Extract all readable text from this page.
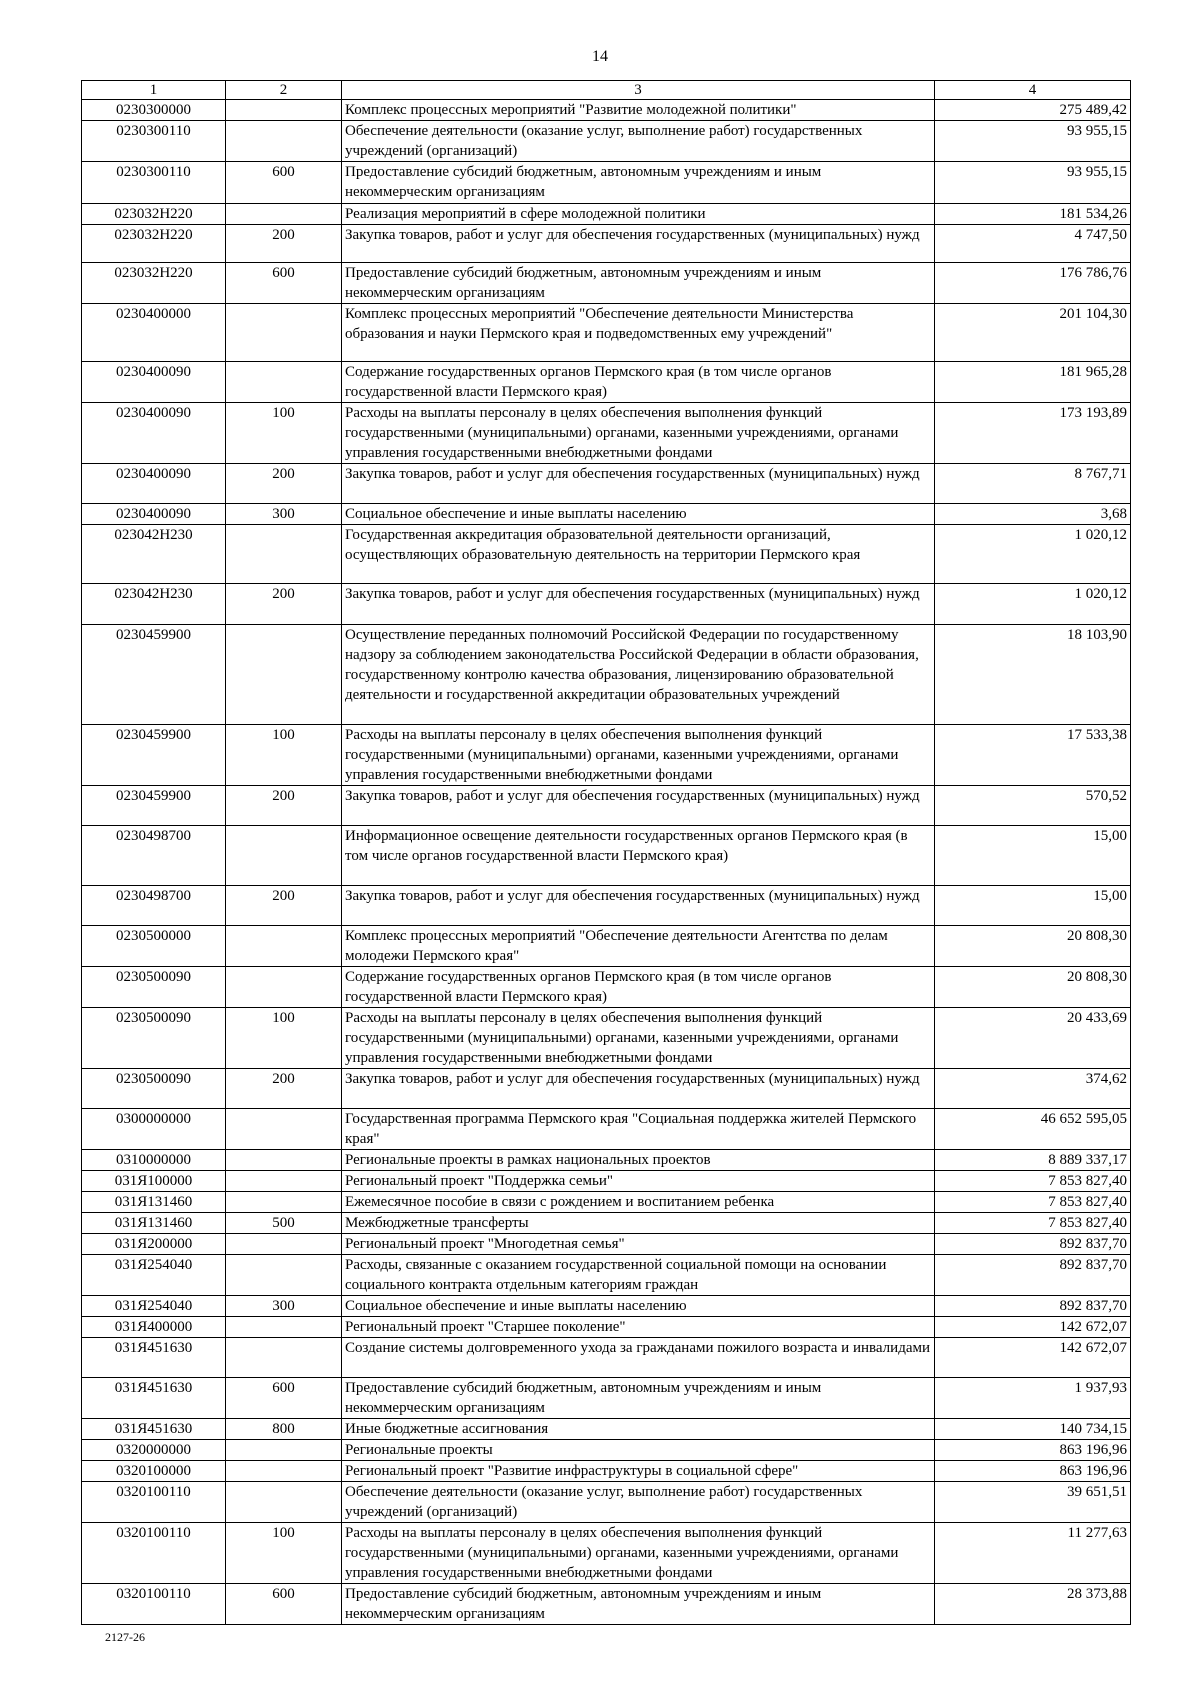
14
1	2	3	4
0230300000		Комплекс процессных мероприятий "Развитие молодежной политики"	275 489,42
0230300110		Обеспечение деятельности (оказание услуг, выполнение работ) государственных учреждений (организаций)	93 955,15
0230300110	600	Предоставление субсидий бюджетным, автономным учреждениям и иным некоммерческим организациям	93 955,15
023032Н220		Реализация мероприятий в сфере молодежной политики	181 534,26
023032Н220	200	Закупка товаров, работ и услуг для обеспечения государственных (муниципальных) нужд	4 747,50
023032Н220	600	Предоставление субсидий бюджетным, автономным учреждениям и иным некоммерческим организациям	176 786,76
0230400000		Комплекс процессных мероприятий "Обеспечение деятельности Министерства образования и науки Пермского края и подведомственных ему учреждений"	201 104,30
0230400090		Содержание государственных органов Пермского края (в том числе органов государственной власти Пермского края)	181 965,28
0230400090	100	Расходы на выплаты персоналу в целях обеспечения выполнения функций государственными (муниципальными) органами, казенными учреждениями, органами управления государственными внебюджетными фондами	173 193,89
0230400090	200	Закупка товаров, работ и услуг для обеспечения государственных (муниципальных) нужд	8 767,71
0230400090	300	Социальное обеспечение и иные выплаты населению	3,68
023042Н230		Государственная аккредитация образовательной деятельности организаций, осуществляющих образовательную деятельность на территории Пермского края	1 020,12
023042Н230	200	Закупка товаров, работ и услуг для обеспечения государственных (муниципальных) нужд	1 020,12
0230459900		Осуществление переданных полномочий Российской Федерации по государственному надзору за соблюдением законодательства Российской Федерации в области образования, государственному контролю качества образования, лицензированию образовательной деятельности и государственной аккредитации образовательных учреждений	18 103,90
0230459900	100	Расходы на выплаты персоналу в целях обеспечения выполнения функций государственными (муниципальными) органами, казенными учреждениями, органами управления государственными внебюджетными фондами	17 533,38
0230459900	200	Закупка товаров, работ и услуг для обеспечения государственных (муниципальных) нужд	570,52
0230498700		Информационное освещение деятельности государственных органов Пермского края (в том числе органов государственной власти Пермского края)	15,00
0230498700	200	Закупка товаров, работ и услуг для обеспечения государственных (муниципальных) нужд	15,00
0230500000		Комплекс процессных мероприятий "Обеспечение деятельности Агентства по делам молодежи Пермского края"	20 808,30
0230500090		Содержание государственных органов Пермского края (в том числе органов государственной власти Пермского края)	20 808,30
0230500090	100	Расходы на выплаты персоналу в целях обеспечения выполнения функций государственными (муниципальными) органами, казенными учреждениями, органами управления государственными внебюджетными фондами	20 433,69
0230500090	200	Закупка товаров, работ и услуг для обеспечения государственных (муниципальных) нужд	374,62
0300000000		Государственная программа Пермского края "Социальная поддержка жителей Пермского края"	46 652 595,05
0310000000		Региональные проекты в рамках национальных проектов	8 889 337,17
031Я100000		Региональный проект "Поддержка семьи"	7 853 827,40
031Я131460		Ежемесячное пособие в связи с рождением и воспитанием ребенка	7 853 827,40
031Я131460	500	Межбюджетные трансферты	7 853 827,40
031Я200000		Региональный проект "Многодетная семья"	892 837,70
031Я254040		Расходы, связанные с оказанием государственной социальной помощи на основании социального контракта отдельным категориям граждан	892 837,70
031Я254040	300	Социальное обеспечение и иные выплаты населению	892 837,70
031Я400000		Региональный проект "Старшее поколение"	142 672,07
031Я451630		Создание системы долговременного ухода за гражданами пожилого возраста и инвалидами	142 672,07
031Я451630	600	Предоставление субсидий бюджетным, автономным учреждениям и иным некоммерческим организациям	1 937,93
031Я451630	800	Иные бюджетные ассигнования	140 734,15
0320000000		Региональные проекты	863 196,96
0320100000		Региональный проект "Развитие инфраструктуры в социальной сфере"	863 196,96
0320100110		Обеспечение деятельности (оказание услуг, выполнение работ) государственных учреждений (организаций)	39 651,51
0320100110	100	Расходы на выплаты персоналу в целях обеспечения выполнения функций государственными (муниципальными) органами, казенными учреждениями, органами управления государственными внебюджетными фондами	11 277,63
0320100110	600	Предоставление субсидий бюджетным, автономным учреждениям и иным некоммерческим организациям	28 373,88
2127-26
